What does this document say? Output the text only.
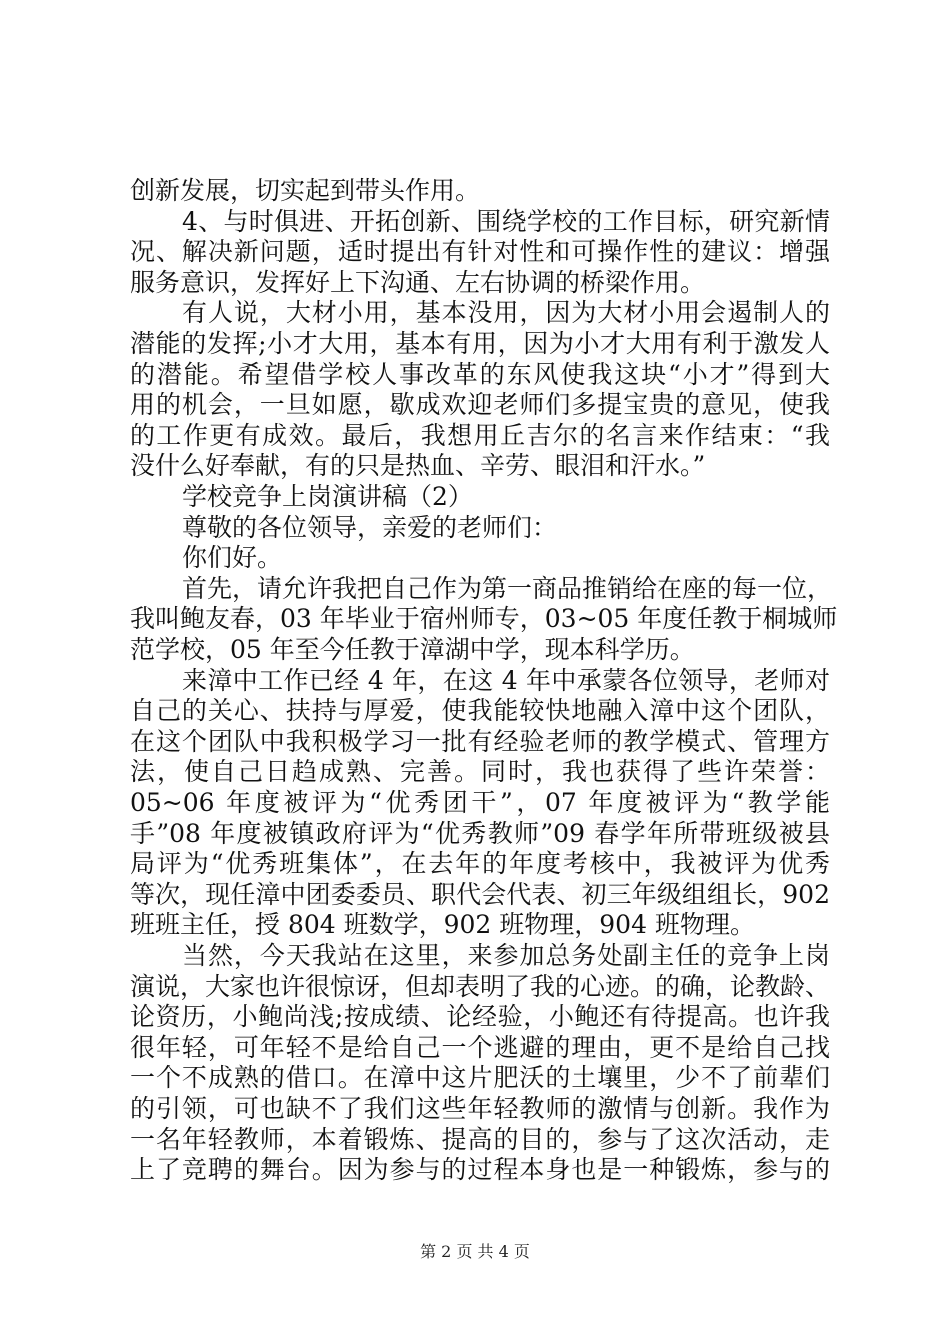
创新发展，切实起到带头作用。
4、与时俱进、开拓创新、围绕学校的工作目标，研究新情
况、解决新问题，适时提出有针对性和可操作性的建议：增强
服务意识，发挥好上下沟通、左右协调的桥梁作用。
有人说，大材小用，基本没用，因为大材小用会遏制人的
潜能的发挥;小才大用，基本有用，因为小才大用有利于激发人
的潜能。希望借学校人事改革的东风使我这块“小才”得到大
用的机会，一旦如愿，歇成欢迎老师们多提宝贵的意见，使我
的工作更有成效。最后，我想用丘吉尔的名言来作结束：“我
没什么好奉献，有的只是热血、辛劳、眼泪和汗水。”
学校竞争上岗演讲稿（2）
尊敬的各位领导，亲爱的老师们：
你们好。
首先，请允许我把自己作为第一商品推销给在座的每一位，
我叫鲍友春，03 年毕业于宿州师专，03~05 年度任教于桐城师
范学校，05 年至今任教于漳湖中学，现本科学历。
来漳中工作已经 4 年，在这 4 年中承蒙各位领导，老师对
自己的关心、扶持与厚爱，使我能较快地融入漳中这个团队，
在这个团队中我积极学习一批有经验老师的教学模式、管理方
法，使自己日趋成熟、完善。同时，我也获得了些许荣誉：
05~06 年度被评为“优秀团干”，07 年度被评为“教学能
手”08 年度被镇政府评为“优秀教师”09 春学年所带班级被县
局评为“优秀班集体”，在去年的年度考核中，我被评为优秀
等次，现任漳中团委委员、职代会代表、初三年级组组长，902
班班主任，授 804 班数学，902 班物理，904 班物理。
当然，今天我站在这里，来参加总务处副主任的竞争上岗
演说，大家也许很惊讶，但却表明了我的心迹。的确，论教龄、
论资历，小鲍尚浅;按成绩、论经验，小鲍还有待提高。也许我
很年轻，可年轻不是给自己一个逃避的理由，更不是给自己找
一个不成熟的借口。在漳中这片肥沃的土壤里，少不了前辈们
的引领，可也缺不了我们这些年轻教师的激情与创新。我作为
一名年轻教师，本着锻炼、提高的目的，参与了这次活动，走
上了竞聘的舞台。因为参与的过程本身也是一种锻炼，参与的
第 2 页 共 4 页
